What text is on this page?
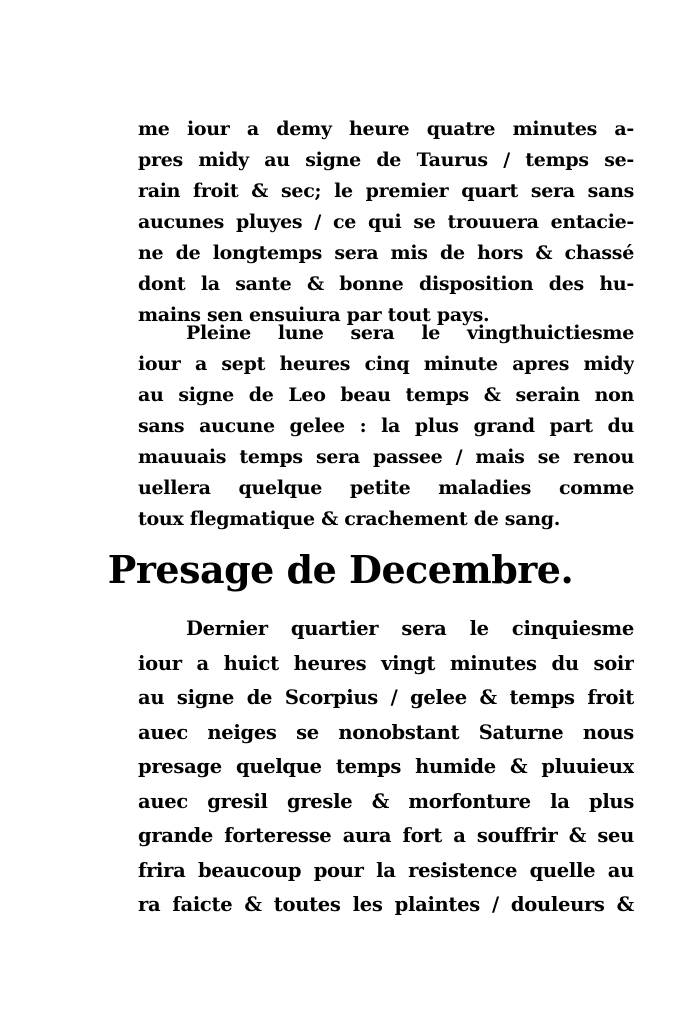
me iour a demy heure quatre minutes a-
pres midy au signe de Taurus / temps se-
rain froit & sec; le premier quart sera sans
aucunes pluyes / ce qui se trouuera entacie-
ne de longtemps sera mis de hors & chassé
dont la sante & bonne disposition des hu-
mains sen ensuiura par tout pays.
Pleine lune sera le vingthuictiesme
iour a sept heures cinq minute apres midy
au signe de Leo beau temps & serain non
sans aucune gelee : la plus grand part du
mauuais temps sera passee / mais se renou
uellera quelque petite maladies comme
toux flegmatique & crachement de sang.
Presage de Decembre.
Dernier quartier sera le cinquiesme
iour a huict heures vingt minutes du soir
au signe de Scorpius / gelee & temps froit
auec neiges se nonobstant Saturne nous
presage quelque temps humide & pluuieux
auec gresil gresle & morfonture la plus
grande forteresse aura fort a souffrir & seu
frira beaucoup pour la resistence quelle au
ra faicte & toutes les plaintes / douleurs &
